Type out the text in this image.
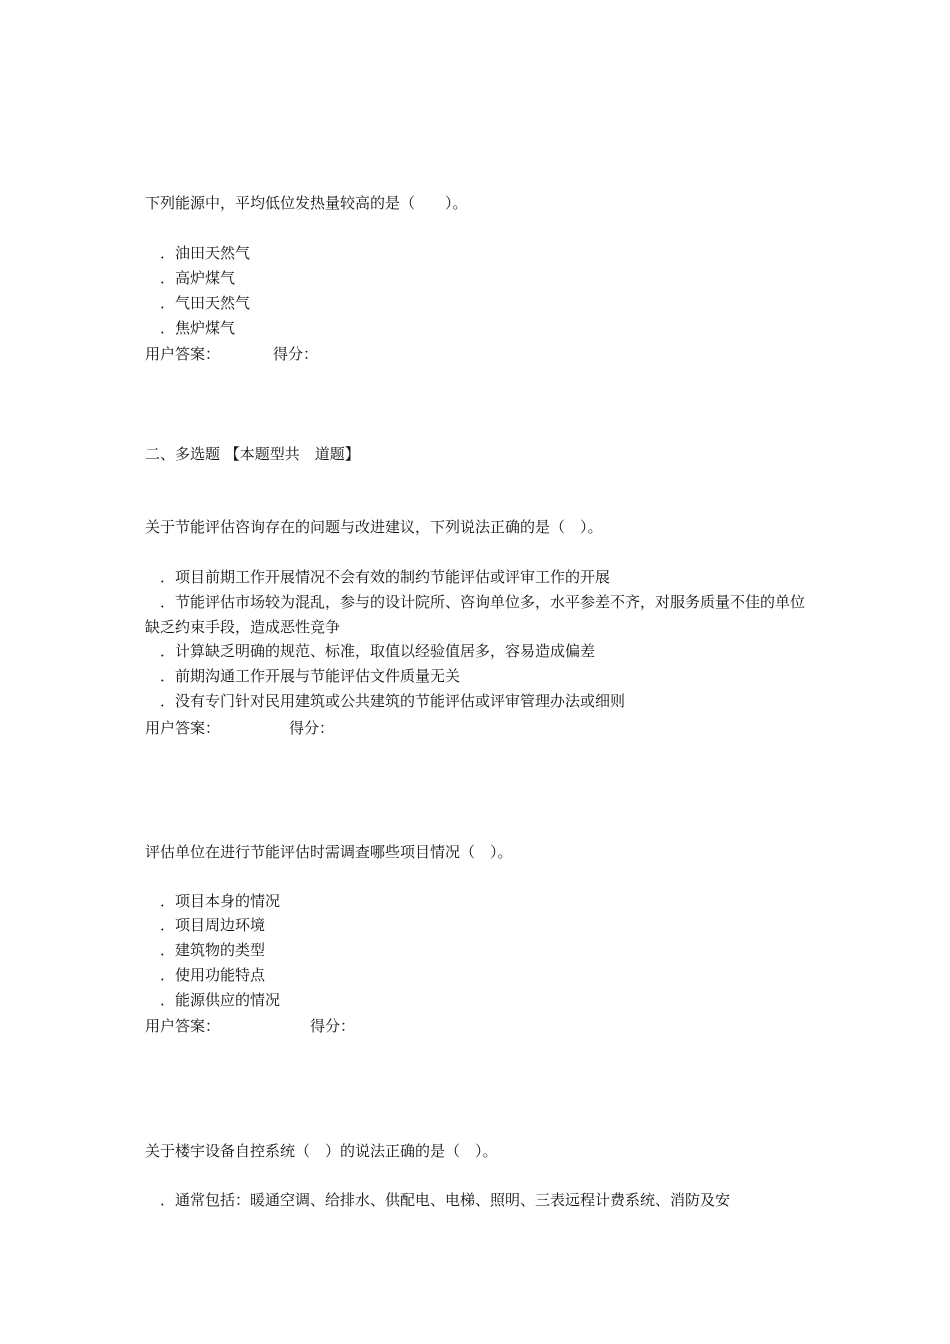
下列能源中，平均低位发热量较高的是（　　）。
．油田天然气
．高炉煤气
．气田天然气
．焦炉煤气
用户答案：	得分：
二、多选题 【本题型共　道题】
关于节能评估咨询存在的问题与改进建议，下列说法正确的是（　）。
．项目前期工作开展情况不会有效的制约节能评估或评审工作的开展
．节能评估市场较为混乱，参与的设计院所、咨询单位多，水平参差不齐，对服务质量不佳的单位缺乏约束手段，造成恶性竞争
．计算缺乏明确的规范、标准，取值以经验值居多，容易造成偏差
．前期沟通工作开展与节能评估文件质量无关
．没有专门针对民用建筑或公共建筑的节能评估或评审管理办法或细则
用户答案：	得分：
评估单位在进行节能评估时需调查哪些项目情况（　）。
．项目本身的情况
．项目周边环境
．建筑物的类型
．使用功能特点
．能源供应的情况
用户答案：	得分：
关于楼宇设备自控系统（　）的说法正确的是（　）。
．通常包括：暖通空调、给排水、供配电、电梯、照明、三表远程计费系统、消防及安
